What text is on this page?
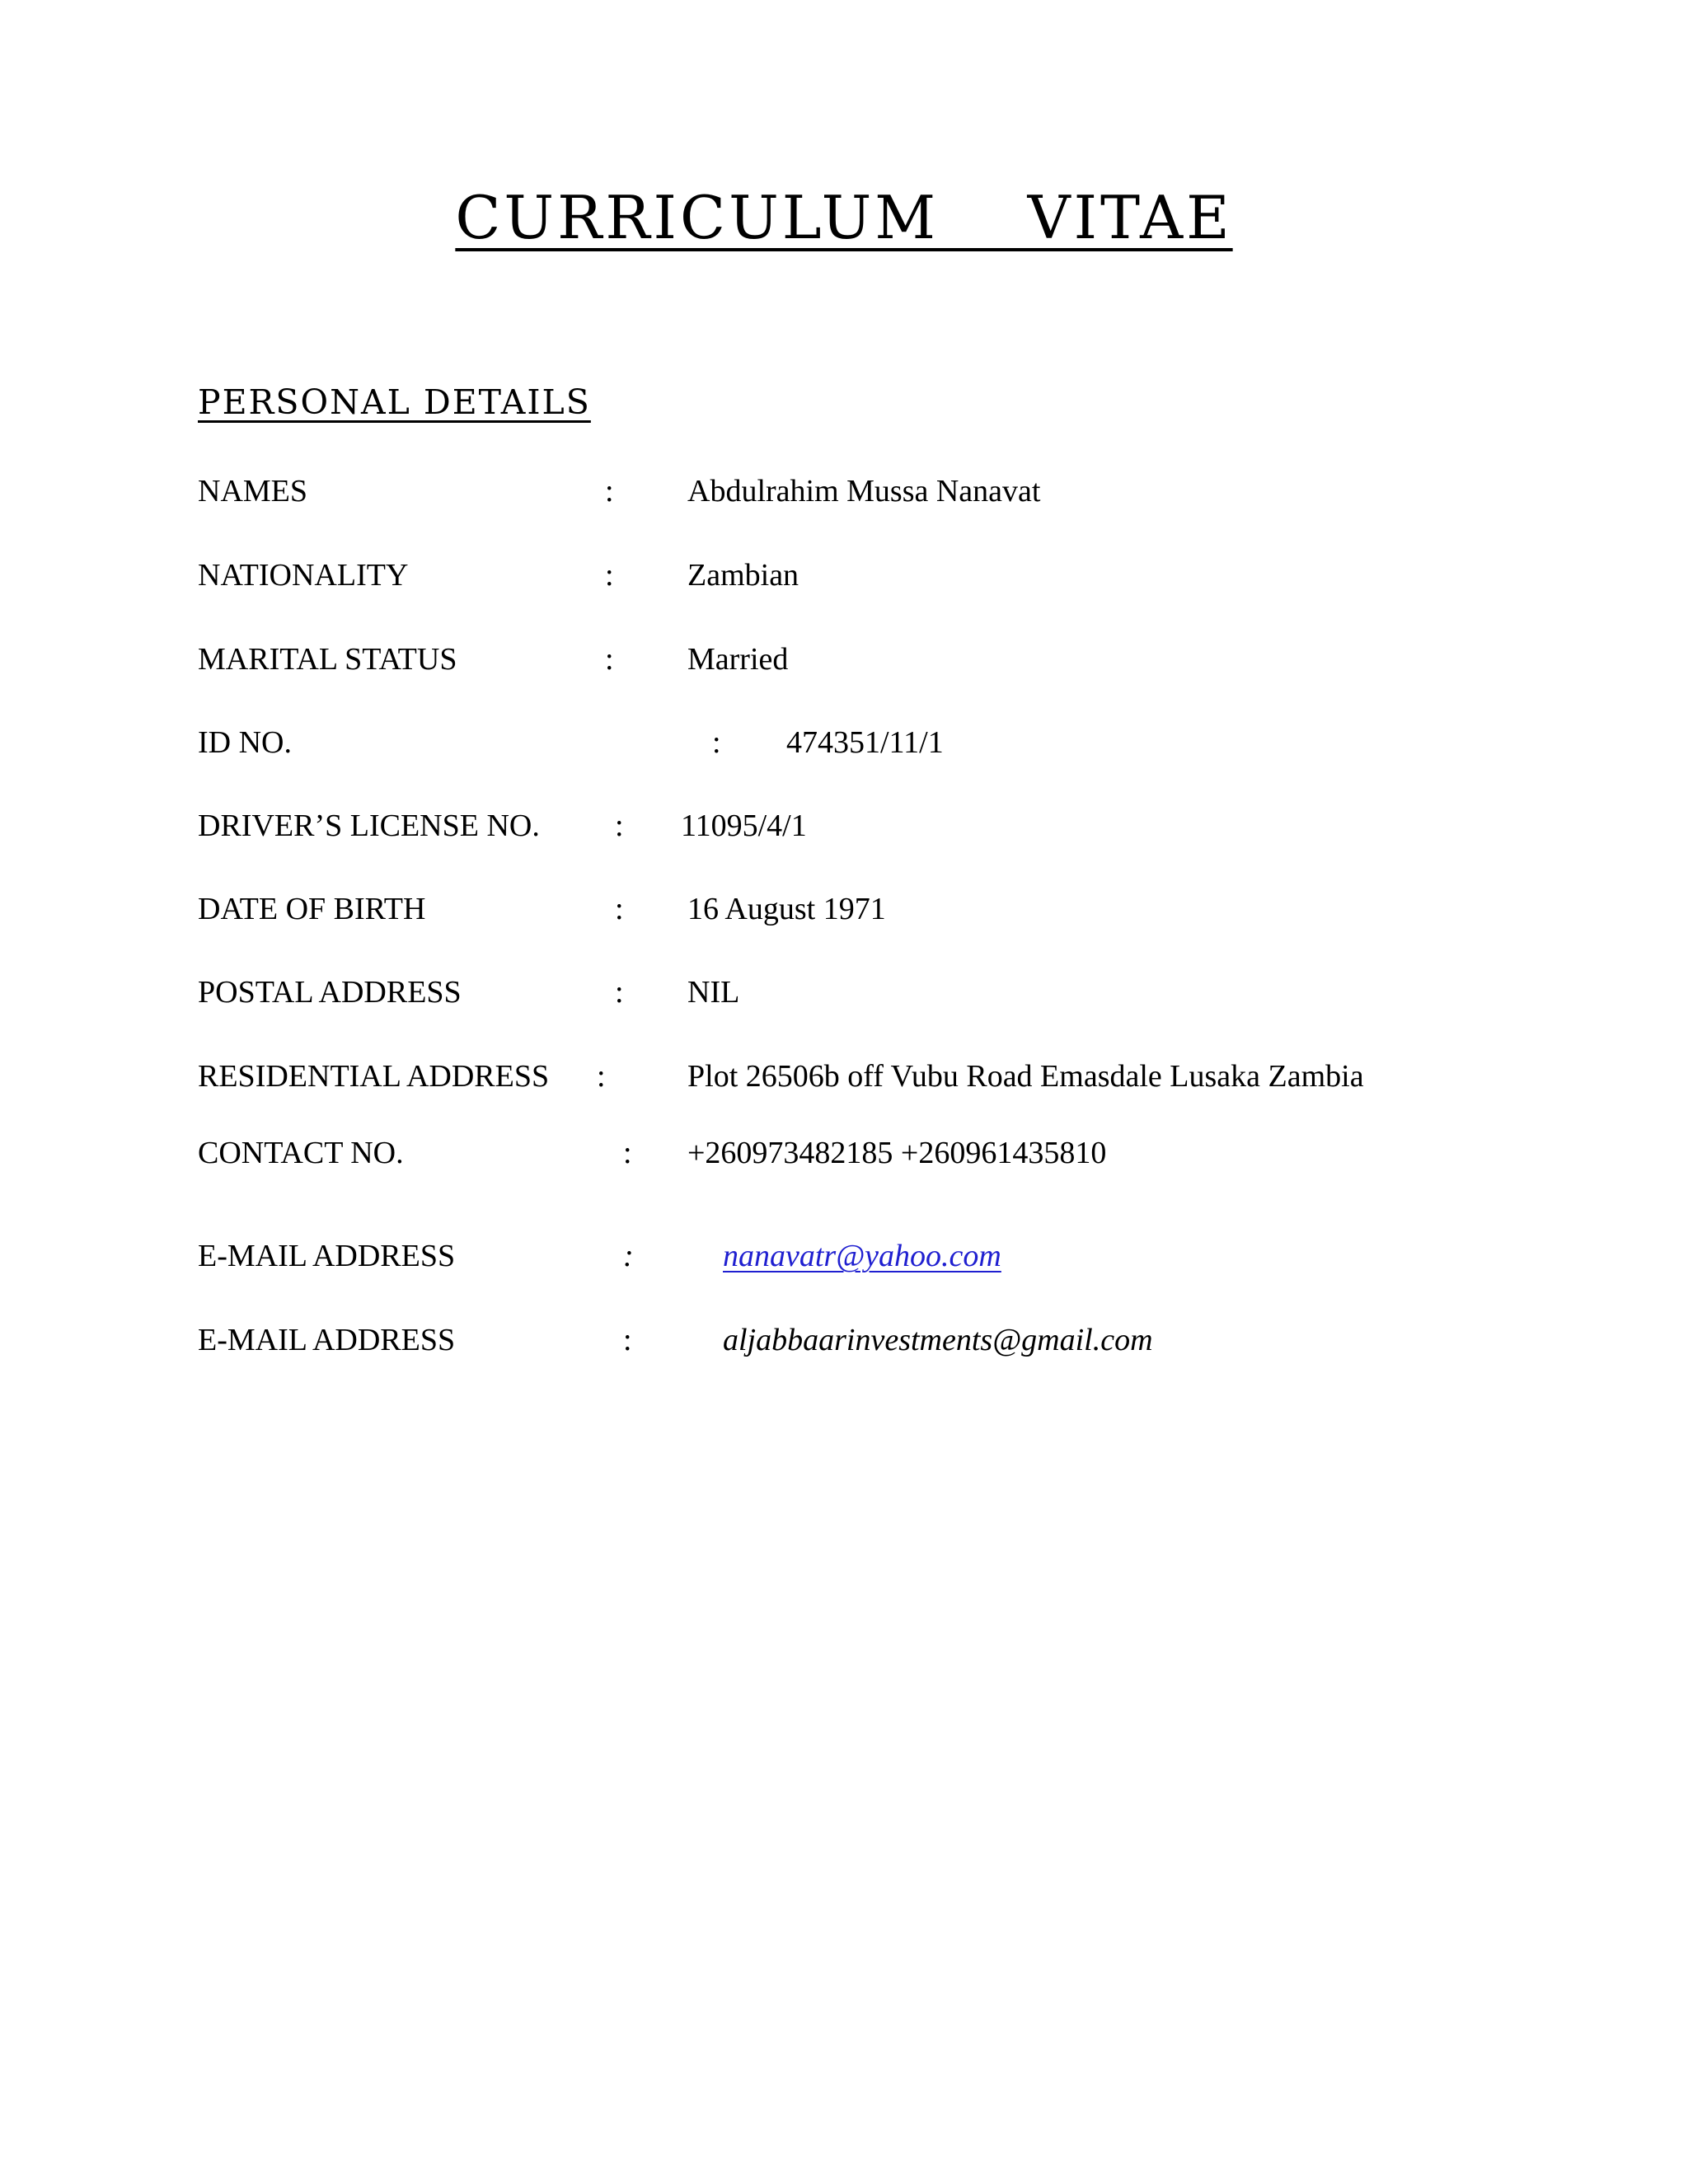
CURRICULUM    VITAE
PERSONAL DETAILS
NAMES	: Abdulrahim Mussa Nanavat
NATIONALITY	: Zambian
MARITAL STATUS	: Married
ID NO.	: 474351/11/1
DRIVER’S LICENSE NO. : 11095/4/1
DATE OF BIRTH	: 16 August 1971
POSTAL ADDRESS	: NIL
RESIDENTIAL ADDRESS :	Plot 26506b off Vubu Road Emasdale Lusaka Zambia
CONTACT NO.	: +260973482185 +260961435810
E-MAIL ADDRESS	:	nanavatr@yahoo.com
E-MAIL ADDRESS	:	aljabbaarinvestments@gmail.com
